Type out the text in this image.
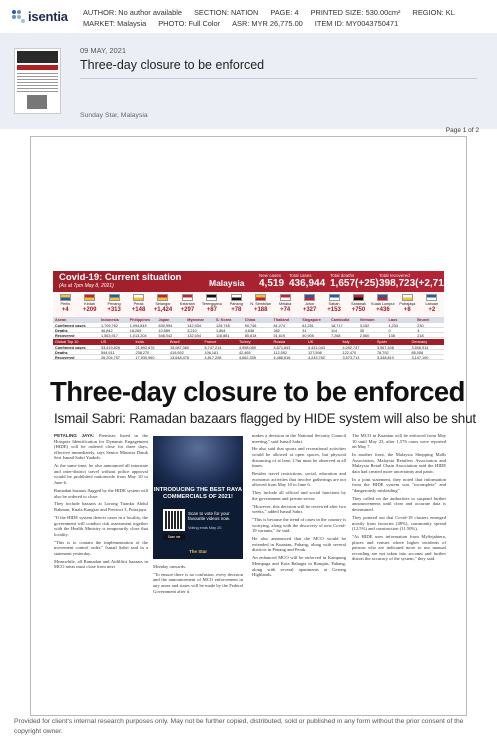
isentia AUTHOR: No author available SECTION: NATION PAGE: 4 PRINTED SIZE: 530.00cm² REGION: KL
MARKET: Malaysia PHOTO: Full Color ASR: MYR 26,775.00 ITEM ID: MY0043750471
09 MAY, 2021
Three-day closure to be enforced
Sunday Star, Malaysia
Page 1 of 2
Covid-19: Current situation
(As at 7pm May 8, 2021)	Malaysia
New cases
4,519
Total cases
436,944
Total deaths
1,657(+25)
Total recovered
398,723(+2,719)
Perlis
+4
Kedah
+209
Penang
+313
Perak
+148
Selangor
+1,424
Kelantan
+297
Terengganu
+87
Pahang
+78
N. Sembilan
+188
Melaka
+74
Johor
+327
Sabah
+153
Sarawak
+750
Kuala Lumpur
+436
Putrajaya
+8
Labuan
+2
Asean	Indonesia	Philippines Japan	Myanmar	S. Korea	China	Thailand	Singapore	Cambodia	Vietnam	Laos	Brunei
Confirmed cases	1,709,762	1,094,849	630,994	142,934	126,745	90,746	81,274	61,251	18,717	3,152	1,233	230
Deaths	46,842	18,269	10,589	3,210	1,864	4,636	382	31	114	35	0	3
Recovered	1,563,917	1,013,204	546,042	132,004	116,881	85,818	51,619	60,905	7,268	2,560	138	218
Global Top 10	US	India	Brazil	France	Turkey	Russia	UK	Italy	Spain	Germany
Confirmed cases	33,419,826	21,892,676	15,087,360	5,747,214	4,998,089	4,871,843	4,431,043	4,092,747	3,567,408	3,506,914
Deaths	594,911	238,270	419,592	106,161	42,465	112,592	127,598	122,470	78,792	85,008
Recovered	26,204,757	17,930,960	13,648,476	4,817,208	4,662,335	4,486,616	4,243,782	3,573,713	3,348,810	3,147,100
Three-day closure to be enforced
Ismail Sabri: Ramadan bazaars flagged by HIDE system will also be shut

PETALING JAYA: Premises listed in the Hotspots Identification for Dynamic Engagement (HIDE) will be ordered close for three days, effective immediately, says Senior Minister Datuk Seri Ismail Sabri Yaakob.

At the same time, he also announced all interstate and inter-district travel without police approval would be prohibited nationwide from May 10 to June 6.

Ramadan bazaars flagged by the HIDE system will also be ordered to close.

They include bazaars at Lorong Tuanku Abdul Rahman, Kuala Kangsar and Precinct 3, Putrajaya.

"If the HIDE system detects cases in a locality, the government will conduct risk assessment together with the Health Ministry is temporarily close that locality.

"This is to contain the implementation of the movement control order," Ismail Sabri said in a statement yesterday.

Meanwhile, all Ramadan and Aidilfitri bazaars in MCO areas must close from next	Monday onwards.

"To ensure there is no confusion, every decision and the announcement of MCO enforcement in any areas and states will be made by the Federal Government after it

makes a decision in the National Security Council meeting," said Ismail Sabri.

He also said that sports and recreational activities would be allowed at open spaces, but physical distancing of at least 1.5m must be observed at all times.

Besides travel restrictions, social, education and economic activities that involve gatherings are not allowed from May 10 to June 6.

They include all official and social functions by the government and private sector.

"However, this decision will be reviewed after two weeks," added Ismail Sabri.

"This is because the trend of cases in the country is worrying, along with the discovery of new Covid-19 variants," he said.

He also announced that the MCO would be extended in Kuantan, Pahang, along with several districts in Penang and Perak.

An enhanced MCO will be enforced in Kampung Mempaga and Kota Bahagia in Rompin, Pahang, along with several apartments at Gerong Highlands.

The MCO in Kuantan will be enforced from May 10 until May 23, after 1,576 cases were reported on May 7.

In another front, the Malaysia Shopping Malls Association, Malaysia Retailers Association and Malaysia Retail Chain Association said the HIDE data had created more uncertainty and panic.

In a joint statement, they noted that information from the HIDE system was "incomplete" and "dangerously misleading".

They called on the authorities to suspend further announcements until clear and accurate data is determined.

They pointed out that Covid-19 clusters emerged mostly from factories (48%), community spread (12.5%) and construction (11.50%).

"As HIDE uses information from MySejahtera, places and venues where higher incidents of patrons who are indicated more to use manual recording are not taken into account and further distort the accuracy of the system," they said.

INTRODUCING THE BEST RAYA COMMERCIALS OF 2021!
Scan to vote for your favourite videos now.
Voting ends May 20.
Scan me
The Star
Provided for client's internal research purposes only. May not be further copied, distributed, sold or published in any form without the prior consent of the copyright owner.
